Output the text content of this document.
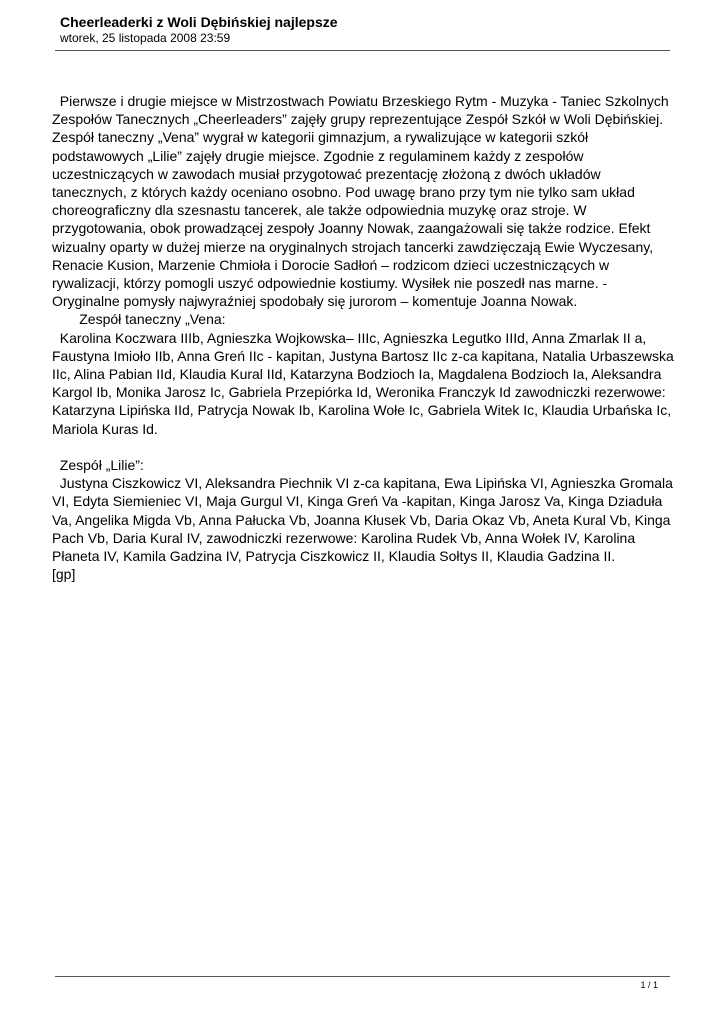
Cheerleaderki z Woli Dębińskiej najlepsze

wtorek, 25 listopada 2008 23:59

Pierwsze i drugie miejsce w Mistrzostwach Powiatu Brzeskiego Rytm - Muzyka - Taniec Szkolnych Zespołów Tanecznych „Cheerleaders” zajęły grupy reprezentujące Zespół Szkół w Woli Dębińskiej. Zespół taneczny „Vena” wygrał w kategorii gimnazjum, a rywalizujące w kategorii szkół podstawowych „Lilie” zajęły drugie miejsce. Zgodnie z regulaminem każdy z zespołów uczestniczących w zawodach musiał przygotować prezentację złożoną z dwóch układów tanecznych, z których każdy oceniano osobno. Pod uwagę brano przy tym nie tylko sam układ choreograficzny dla szesnastu tancerek, ale także odpowiednia muzykę oraz stroje. W przygotowania, obok prowadzącej zespoły Joanny Nowak, zaangażowali się także rodzice. Efekt wizualny oparty w dużej mierze na oryginalnych strojach tancerki zawdzięczają Ewie Wyczesany, Renacie Kusion, Marzenie Chmioła i Dorocie Sadłoń – rodzicom dzieci uczestniczących w rywalizacji, którzy pomogli uszyć odpowiednie kostiumy. Wysiłek nie poszedł nas marne. - Oryginalne pomysły najwyraźniej spodobały się jurorom – komentuje Joanna Nowak.

Zespół taneczny „Vena:

Karolina Koczwara IIIb, Agnieszka Wojkowska– IIIc, Agnieszka Legutko IIId, Anna Zmarlak II a, Faustyna Imioło IIb, Anna Greń IIc - kapitan, Justyna Bartosz IIc z-ca kapitana, Natalia Urbaszewska IIc, Alina Pabian IId, Klaudia Kural IId, Katarzyna Bodzioch Ia, Magdalena Bodzioch Ia, Aleksandra Kargol Ib, Monika Jarosz Ic, Gabriela Przepiórka Id, Weronika Franczyk Id zawodniczki rezerwowe: Katarzyna Lipińska IId, Patrycja Nowak Ib, Karolina Wołe Ic, Gabriela Witek Ic, Klaudia Urbańska Ic, Mariola Kuras Id.

Zespół „Lilie”:

Justyna Ciszkowicz VI, Aleksandra Piechnik VI z-ca kapitana, Ewa Lipińska VI, Agnieszka Gromala VI, Edyta Siemieniec VI, Maja Gurgul VI, Kinga Greń Va -kapitan, Kinga Jarosz Va, Kinga Dziaduła Va, Angelika Migda Vb, Anna Pałucka Vb, Joanna Kłusek Vb, Daria Okaz Vb, Aneta Kural Vb, Kinga Pach Vb, Daria Kural IV, zawodniczki rezerwowe: Karolina Rudek Vb, Anna Wołek IV, Karolina Płaneta IV, Kamila Gadzina IV, Patrycja Ciszkowicz II, Klaudia Sołtys II, Klaudia Gadzina II.             [gp]

1 / 1
